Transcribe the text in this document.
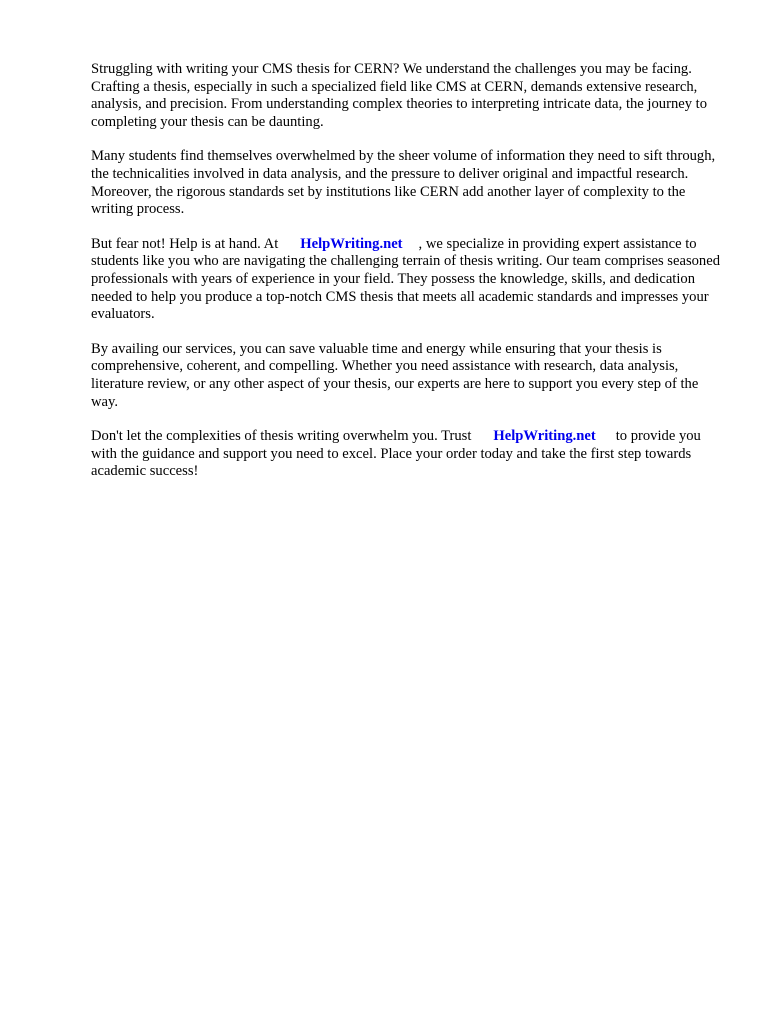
Struggling with writing your CMS thesis for CERN? We understand the challenges you may be facing. Crafting a thesis, especially in such a specialized field like CMS at CERN, demands extensive research, analysis, and precision. From understanding complex theories to interpreting intricate data, the journey to completing your thesis can be daunting.

Many students find themselves overwhelmed by the sheer volume of information they need to sift through, the technicalities involved in data analysis, and the pressure to deliver original and impactful research. Moreover, the rigorous standards set by institutions like CERN add another layer of complexity to the writing process.

But fear not! Help is at hand. At HelpWriting.net , we specialize in providing expert assistance to students like you who are navigating the challenging terrain of thesis writing. Our team comprises seasoned professionals with years of experience in your field. They possess the knowledge, skills, and dedication needed to help you produce a top-notch CMS thesis that meets all academic standards and impresses your evaluators.

By availing our services, you can save valuable time and energy while ensuring that your thesis is comprehensive, coherent, and compelling. Whether you need assistance with research, data analysis, literature review, or any other aspect of your thesis, our experts are here to support you every step of the way.

Don't let the complexities of thesis writing overwhelm you. Trust HelpWriting.net to provide you with the guidance and support you need to excel. Place your order today and take the first step towards academic success!
